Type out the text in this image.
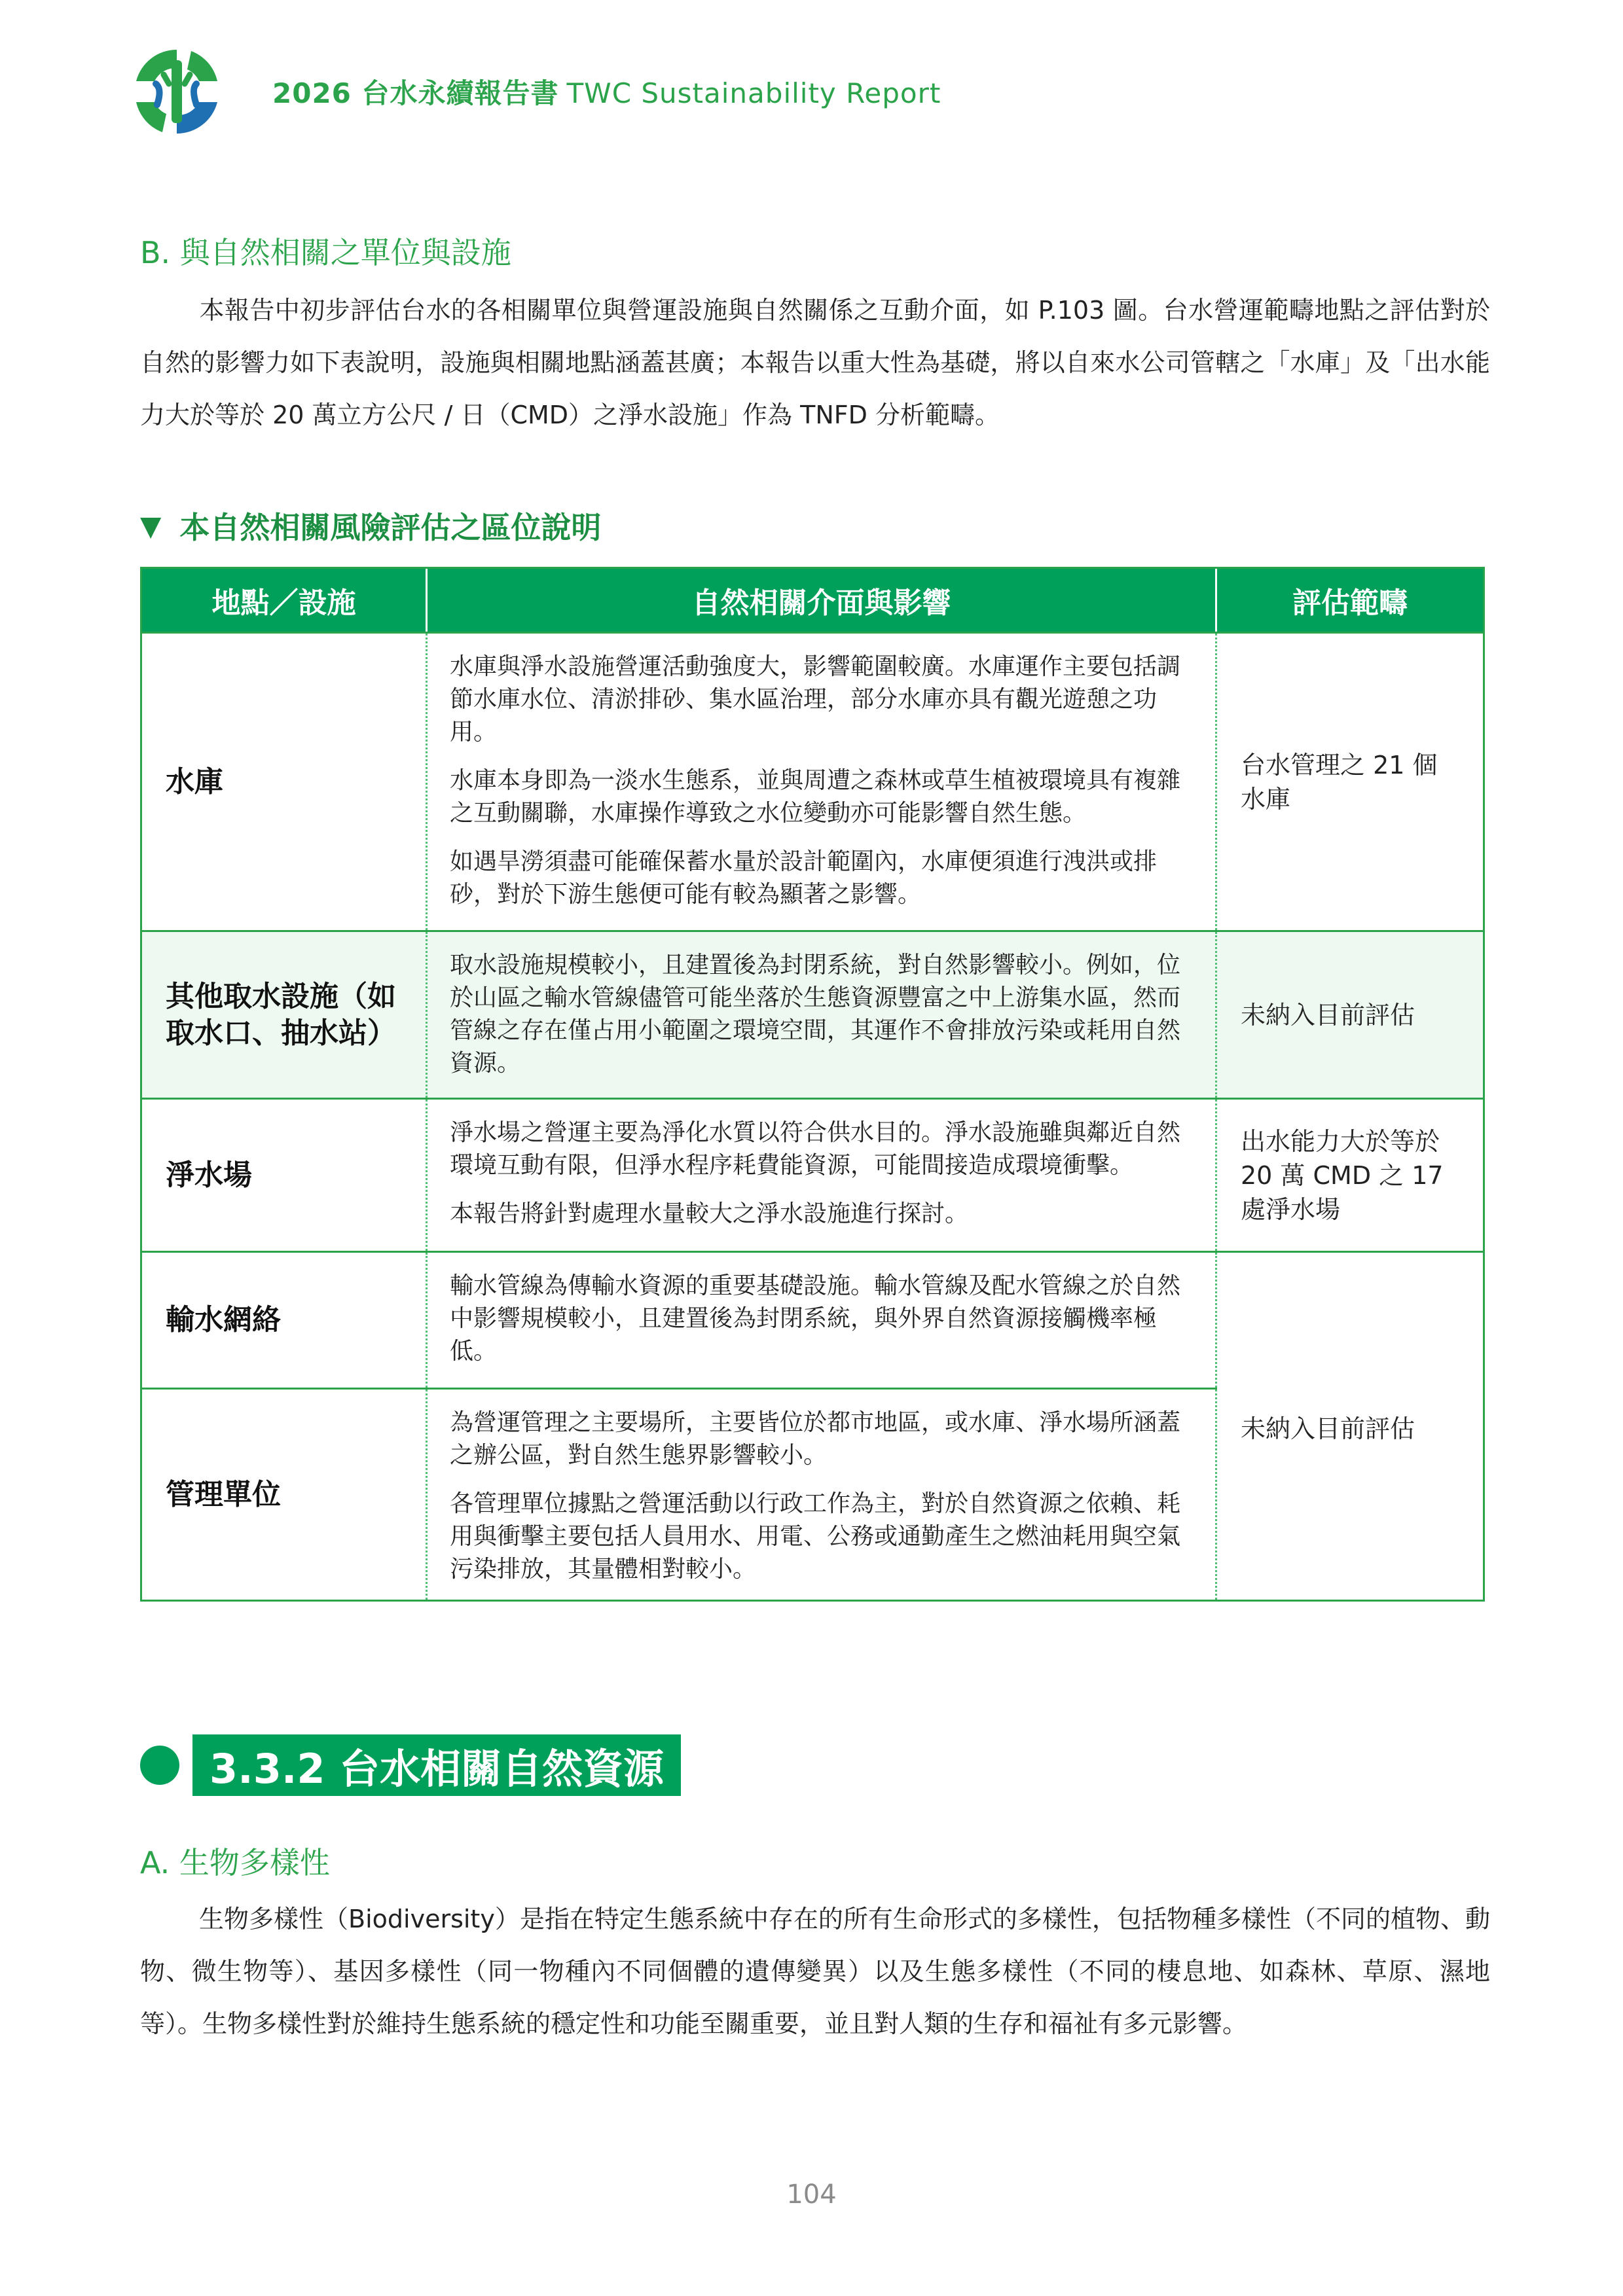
2026 台水永續報告書 TWC Sustainability Report
B. 與自然相關之單位與設施
本報告中初步評估台水的各相關單位與營運設施與自然關係之互動介面，如 P.103 圖。台水營運範疇地點之評估對於自然的影響力如下表說明，設施與相關地點涵蓋甚廣；本報告以重大性為基礎，將以自來水公司管轄之「水庫」及「出水能力大於等於 20 萬立方公尺 / 日（CMD）之淨水設施」作為 TNFD 分析範疇。
▼ 本自然相關風險評估之區位說明
地點／設施	自然相關介面與影響	評估範疇
水庫

水庫與淨水設施營運活動強度大，影響範圍較廣。水庫運作主要包括調節水庫水位、清淤排砂、集水區治理，部分水庫亦具有觀光遊憩之功用。

水庫本身即為一淡水生態系，並與周遭之森林或草生植被環境具有複雜之互動關聯，水庫操作導致之水位變動亦可能影響自然生態。

如遇旱澇須盡可能確保蓄水量於設計範圍內，水庫便須進行洩洪或排砂，對於下游生態便可能有較為顯著之影響。

台水管理之 21 個水庫
其他取水設施（如取水口、抽水站）

取水設施規模較小，且建置後為封閉系統，對自然影響較小。例如，位於山區之輸水管線儘管可能坐落於生態資源豐富之中上游集水區，然而管線之存在僅占用小範圍之環境空間，其運作不會排放污染或耗用自然資源。

未納入目前評估
淨水場

淨水場之營運主要為淨化水質以符合供水目的。淨水設施雖與鄰近自然環境互動有限，但淨水程序耗費能資源，可能間接造成環境衝擊。

本報告將針對處理水量較大之淨水設施進行探討。

出水能力大於等於 20 萬 CMD 之 17 處淨水場
輸水網絡

輸水管線為傳輸水資源的重要基礎設施。輸水管線及配水管線之於自然中影響規模較小，且建置後為封閉系統，與外界自然資源接觸機率極低。

管理單位

為營運管理之主要場所，主要皆位於都市地區，或水庫、淨水場所涵蓋之辦公區，對自然生態界影響較小。

各管理單位據點之營運活動以行政工作為主，對於自然資源之依賴、耗用與衝擊主要包括人員用水、用電、公務或通勤產生之燃油耗用與空氣污染排放，其量體相對較小。

未納入目前評估
3.3.2 台水相關自然資源
A. 生物多樣性
生物多樣性（Biodiversity）是指在特定生態系統中存在的所有生命形式的多樣性，包括物種多樣性（不同的植物、動物、微生物等）、基因多樣性（同一物種內不同個體的遺傳變異）以及生態多樣性（不同的棲息地、如森林、草原、濕地等）。生物多樣性對於維持生態系統的穩定性和功能至關重要，並且對人類的生存和福祉有多元影響。
104
